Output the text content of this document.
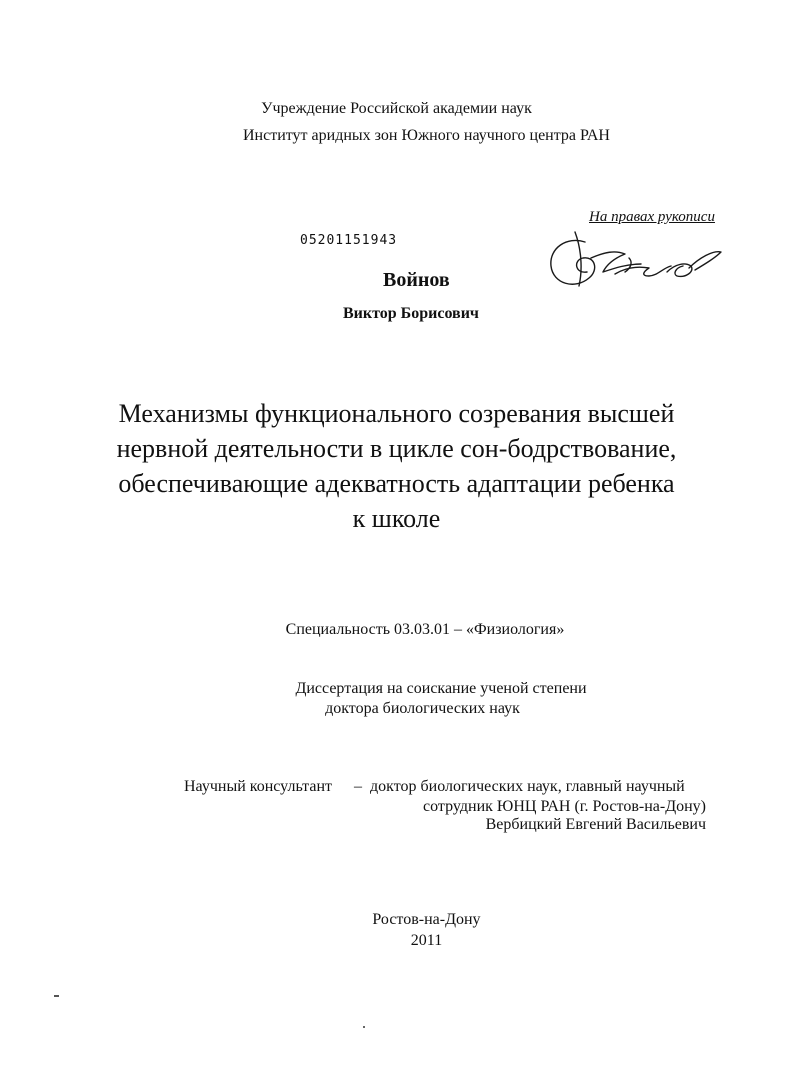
Учреждение Российской академии наук
Институт аридных зон Южного научного центра РАН
На правах рукописи
05201151943
Войнов
Виктор Борисович
Механизмы функционального созревания высшей
нервной деятельности в цикле сон-бодрствование,
обеспечивающие адекватность адаптации ребенка
к школе
Специальность 03.03.01 – «Физиология»
Диссертация на соискание ученой степени
доктора биологических наук
Научный консультант – доктор биологических наук, главный научный
сотрудник ЮНЦ РАН (г. Ростов-на-Дону)
Вербицкий Евгений Васильевич
Ростов-на-Дону
2011
